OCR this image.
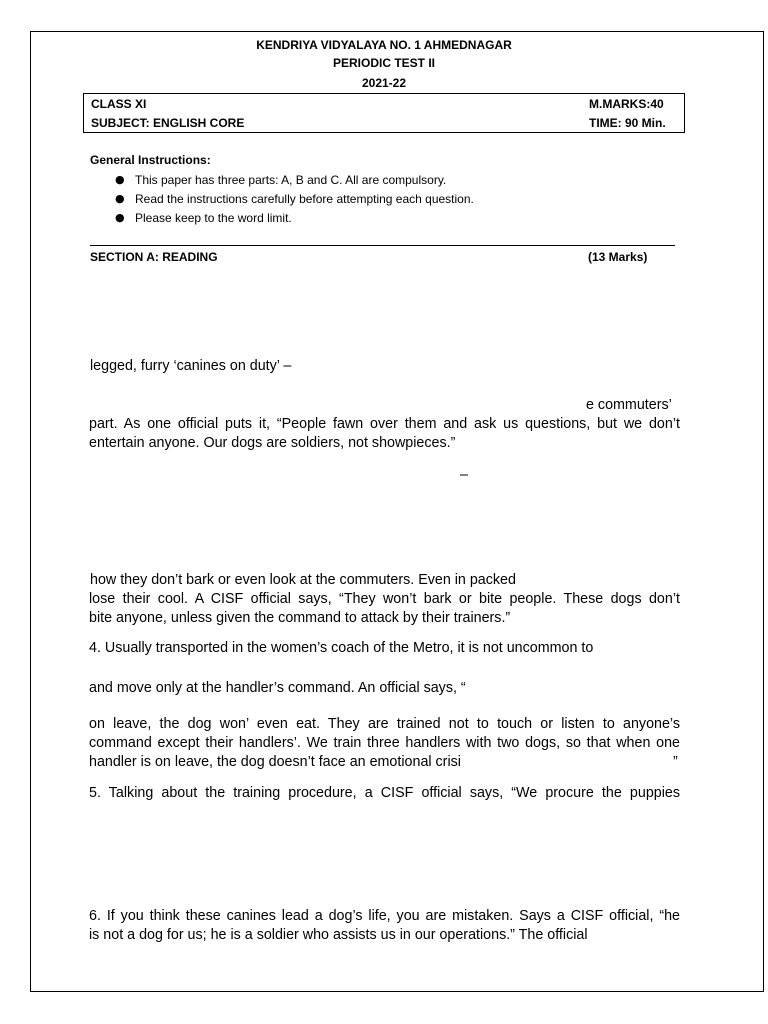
KENDRIYA VIDYALAYA NO. 1 AHMEDNAGAR
PERIODIC TEST II
2021-22
CLASS XI	M.MARKS:40
SUBJECT: ENGLISH CORE	TIME: 90 Min.
General Instructions:
● This paper has three parts: A, B and C. All are compulsory.
● Read the instructions carefully before attempting each question.
● Please keep to the word limit.
SECTION A: READING	(13 Marks)
legged, furry ‘canines on duty’ –
e commuters’
part. As one official puts it, “People fawn over them and ask us questions, but we don’t
entertain anyone. Our dogs are soldiers, not showpieces.”
–
how they don’t bark or even look at the commuters. Even in packed
lose their cool. A CISF official says, “They won’t bark or bite people. These dogs don’t
bite anyone, unless given the command to attack by their trainers.”
4. Usually transported in the women’s coach of the Metro, it is not uncommon to
and move only at the handler’s command. An official says, “
on leave, the dog won’ even eat. They are trained not to touch or listen to anyone’s
command except their handlers’. We train three handlers with two dogs, so that when one
handler is on leave, the dog doesn’t face an emotional crisi	”
5. Talking about the training procedure, a CISF official says, “We procure the puppies
6. If you think these canines lead a dog’s life, you are mistaken. Says a CISF official, “he
is not a dog for us; he is a soldier who assists us in our operations.” The official
